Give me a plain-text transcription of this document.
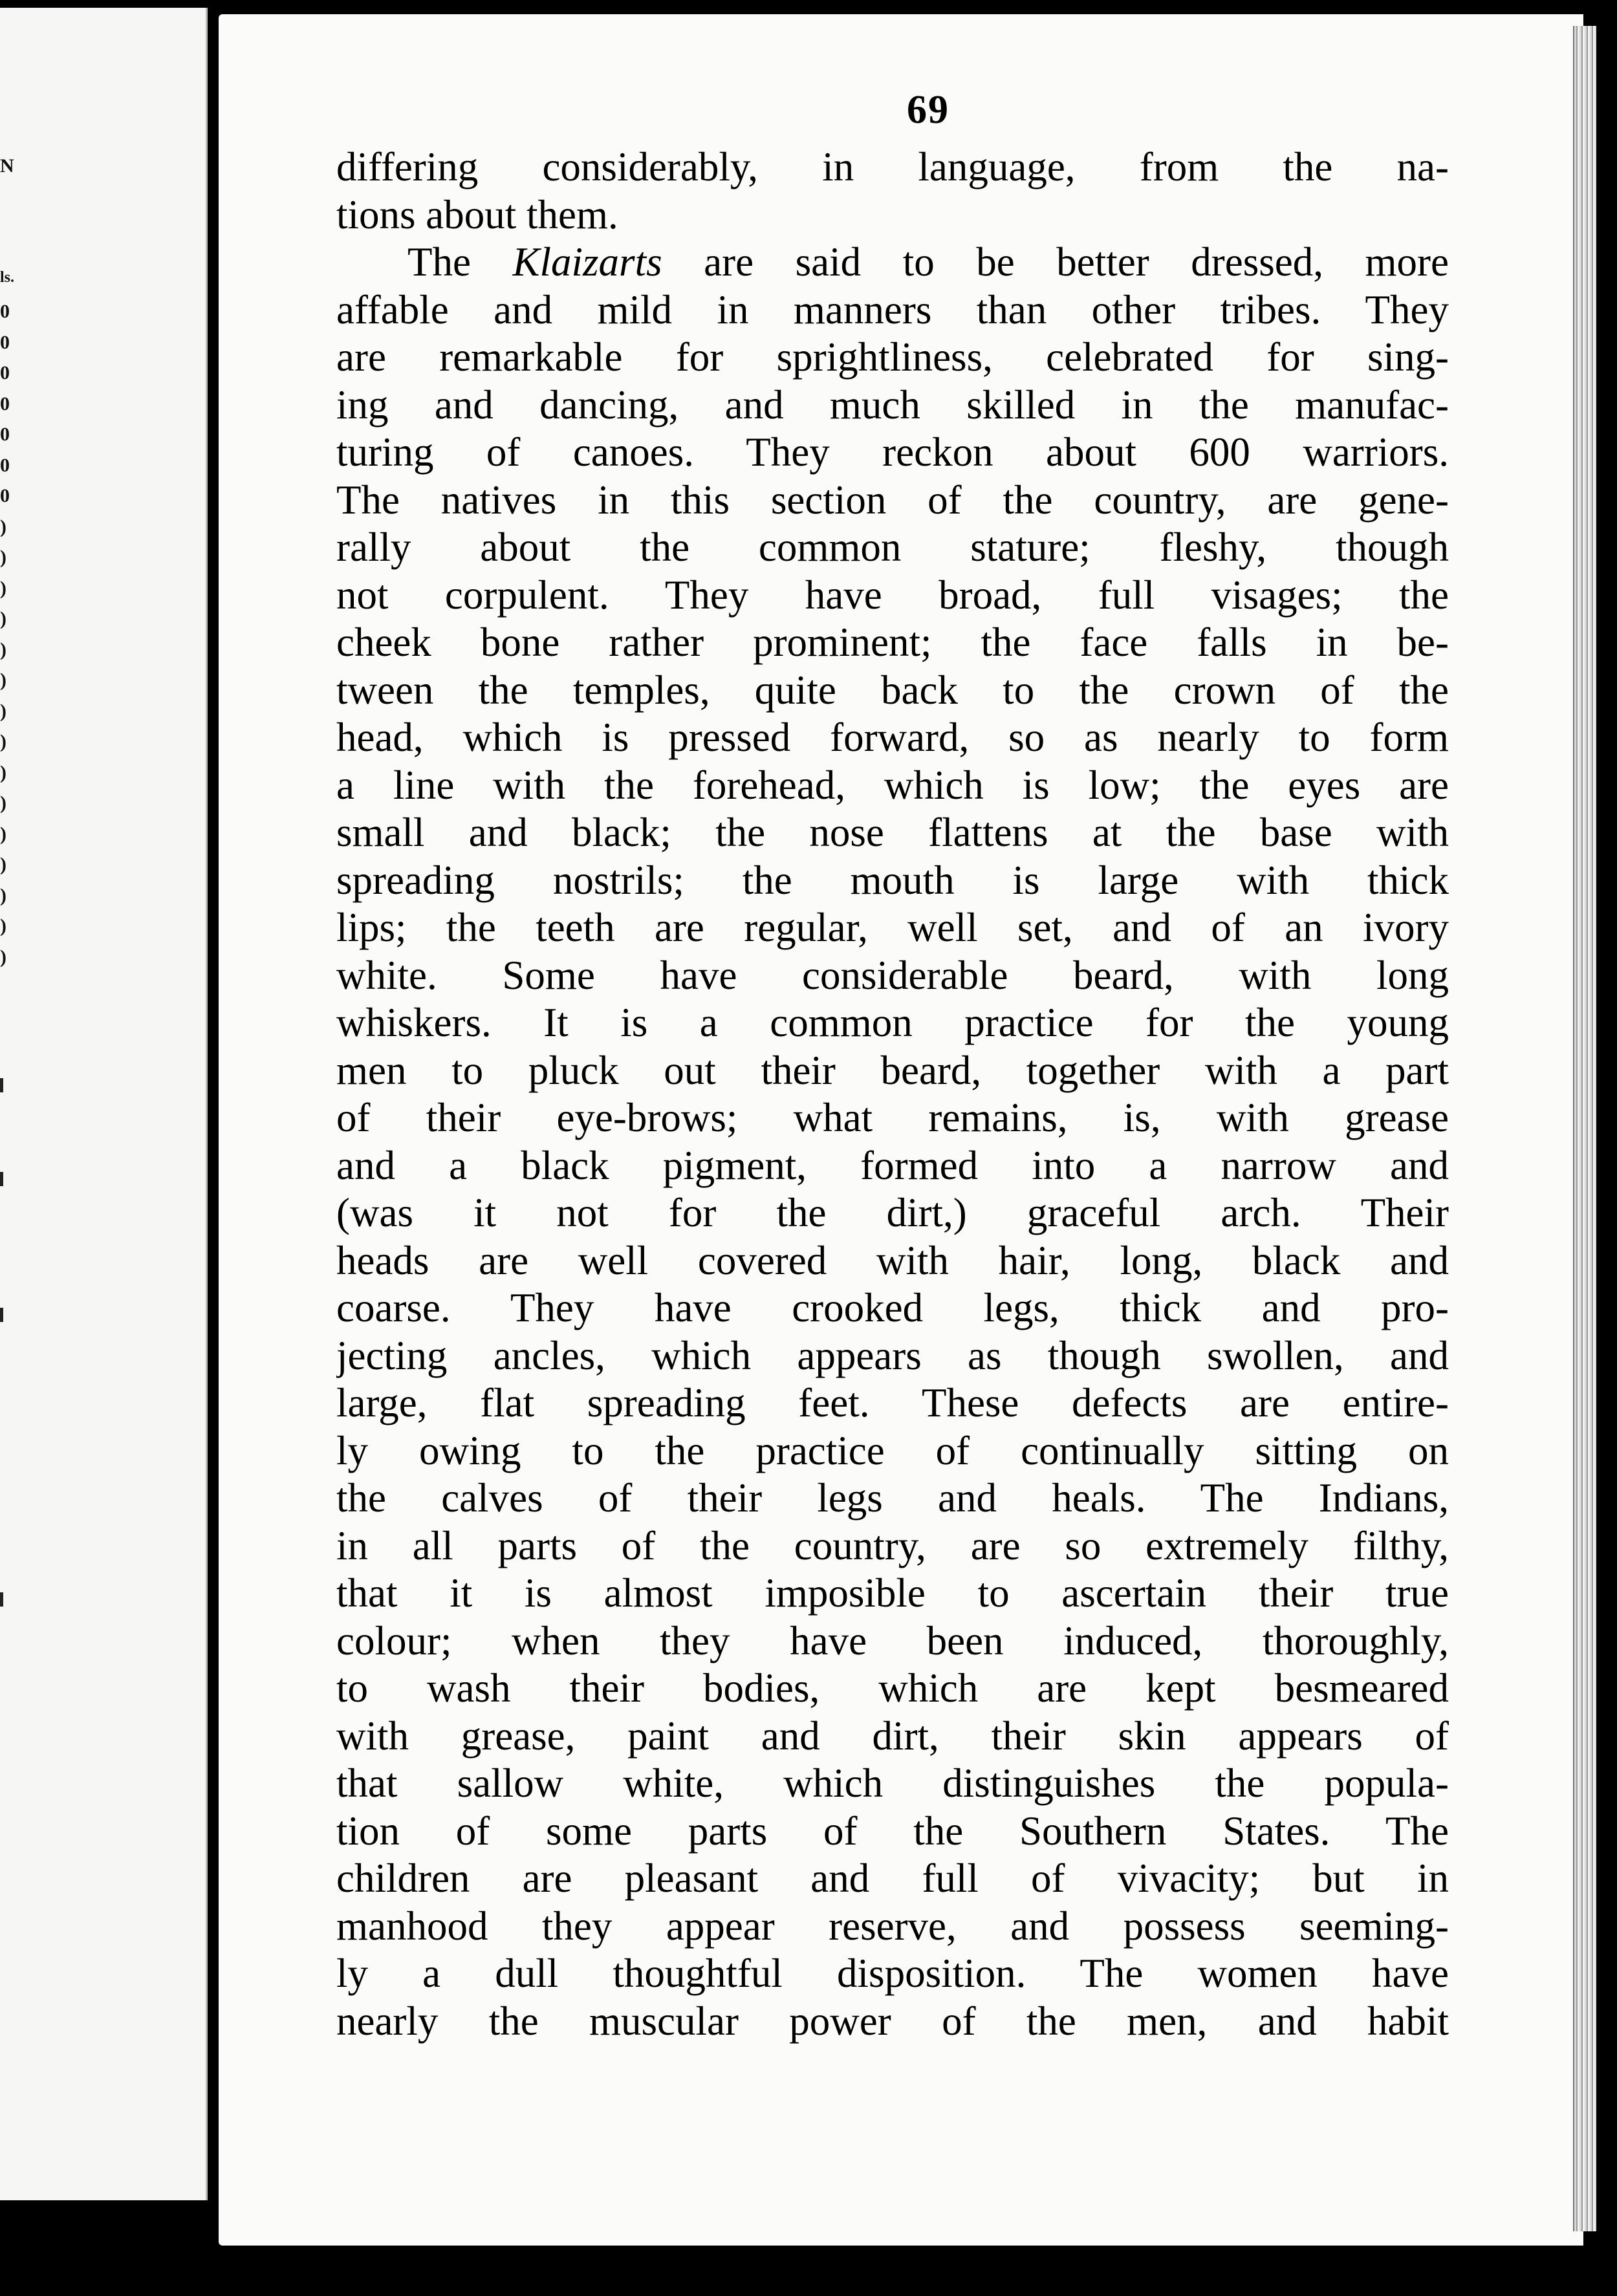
N
ls.
0
0
0
0
0
0
0
)
)
)
)
)
)
)
)
)
)
)
)
)
)
)
69
differing considerably, in language, from the na-
tions about them.
The Klaizarts are said to be better dressed, more
affable and mild in manners than other tribes. They
are remarkable for sprightliness, celebrated for sing-
ing and dancing, and much skilled in the manufac-
turing of canoes. They reckon about 600 warriors.
The natives in this section of the country, are gene-
rally about the common stature; fleshy, though
not corpulent. They have broad, full visages; the
cheek bone rather prominent; the face falls in be-
tween the temples, quite back to the crown of the
head, which is pressed forward, so as nearly to form
a line with the forehead, which is low; the eyes are
small and black; the nose flattens at the base with
spreading nostrils; the mouth is large with thick
lips; the teeth are regular, well set, and of an ivory
white. Some have considerable beard, with long
whiskers. It is a common practice for the young
men to pluck out their beard, together with a part
of their eye-brows; what remains, is, with grease
and a black pigment, formed into a narrow and
(was it not for the dirt,) graceful arch. Their
heads are well covered with hair, long, black and
coarse. They have crooked legs, thick and pro-
jecting ancles, which appears as though swollen, and
large, flat spreading feet. These defects are entire-
ly owing to the practice of continually sitting on
the calves of their legs and heals. The Indians,
in all parts of the country, are so extremely filthy,
that it is almost imposible to ascertain their true
colour; when they have been induced, thoroughly,
to wash their bodies, which are kept besmeared
with grease, paint and dirt, their skin appears of
that sallow white, which distinguishes the popula-
tion of some parts of the Southern States. The
children are pleasant and full of vivacity; but in
manhood they appear reserve, and possess seeming-
ly a dull thoughtful disposition. The women have
nearly the muscular power of the men, and habit
